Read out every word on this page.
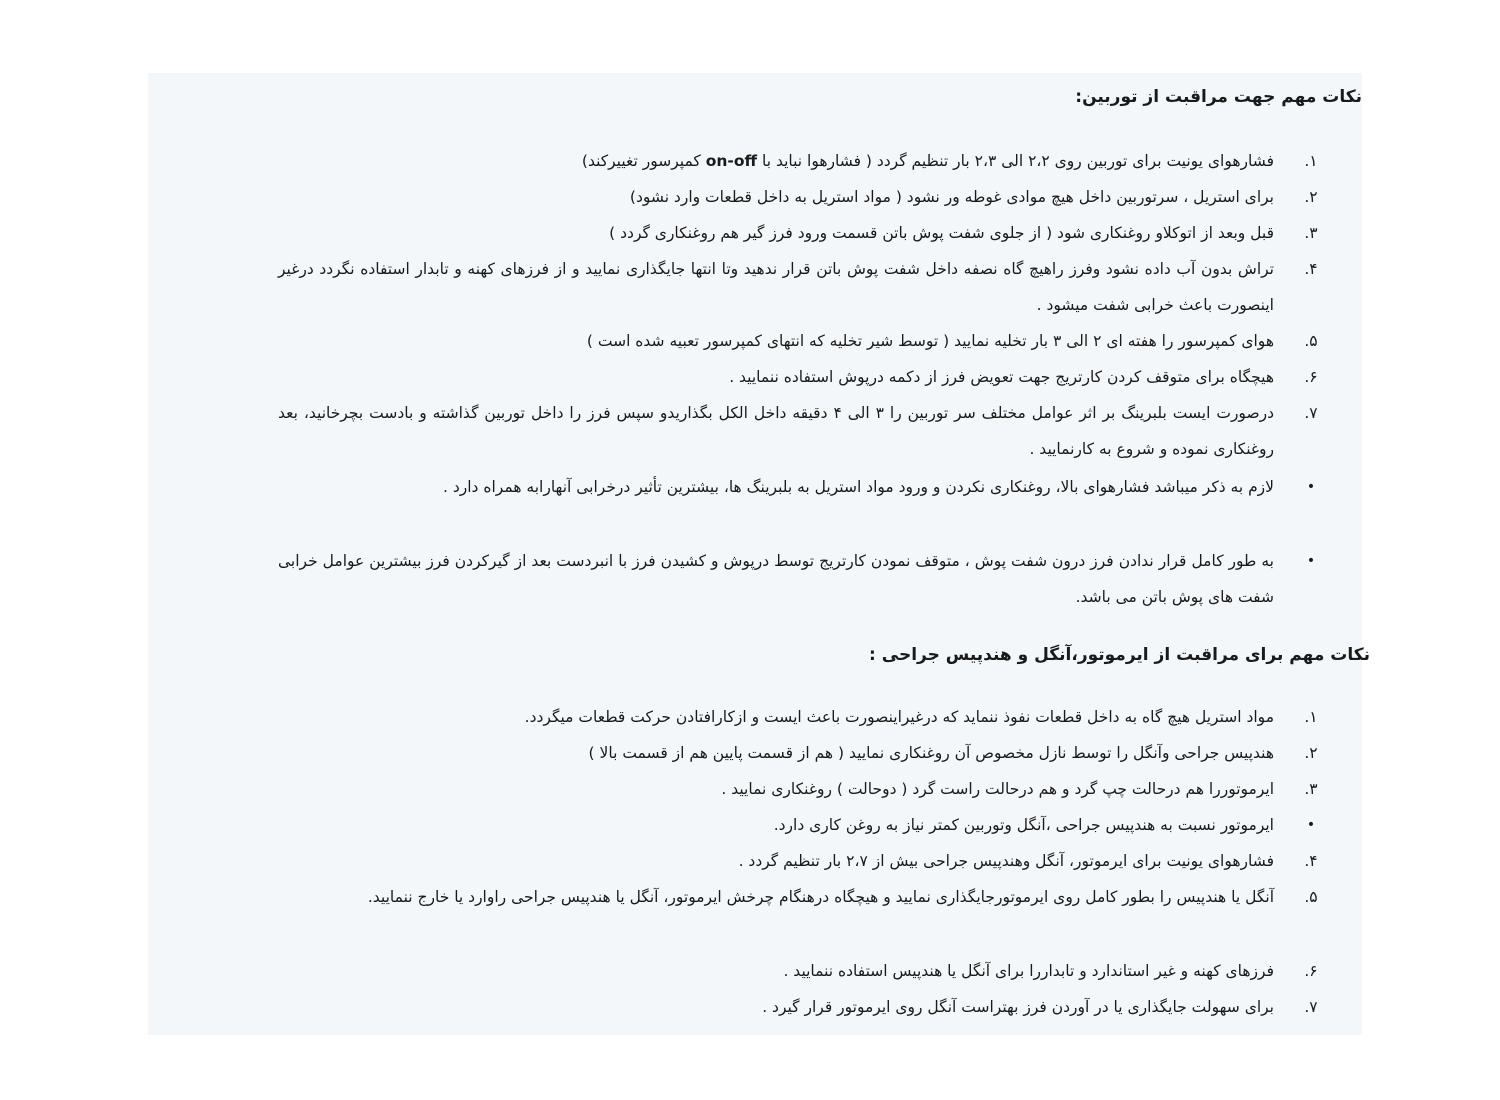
نکات مهم جهت مراقبت از توربین:
۱.
فشارهوای یونیت برای توربین روی ۲،۲ الی ۲،۳ بار تنظیم گردد ( فشارهوا نباید با on-off کمپرسور تغییرکند)
۲.
برای استریل ، سرتوربین داخل هیچ موادی غوطه ور نشود ( مواد استریل به داخل قطعات وارد نشود)
۳.
قبل وبعد از اتوکلاو روغنکاری شود ( از جلوی شفت پوش باتن قسمت ورود فرز گیر هم روغنکاری گردد )
۴.
تراش بدون آب داده نشود وفرز راهیچ گاه نصفه داخل شفت پوش باتن قرار ندهید وتا انتها جایگذاری نمایید و از فرزهای کهنه و تابدار استفاده نگردد درغیر اینصورت باعث خرابی شفت میشود .
۵.
هوای کمپرسور را هفته ای ۲ الی ۳ بار تخلیه نمایید ( توسط شیر تخلیه که انتهای کمپرسور تعبیه شده است )
۶.
هیچگاه برای متوقف کردن کارتریج جهت تعویض فرز از دکمه درپوش استفاده ننمایید .
۷.
درصورت ایست بلبرینگ بر اثر عوامل مختلف سر توربین را ۳ الی ۴ دقیقه داخل الکل بگذاریدو سپس فرز را داخل توربین گذاشته و بادست بچرخانید، بعد روغنکاری نموده و شروع به کارنمایید .
•
لازم به ذکر میباشد فشارهوای بالا، روغنکاری نکردن و ورود مواد استریل به بلبرینگ ها، بیشترین تأثیر درخرابی آنهارابه همراه دارد .
•
به طور کامل قرار ندادن فرز درون شفت پوش ، متوقف نمودن کارتریج توسط درپوش و کشیدن فرز با انبردست بعد از گیرکردن فرز بیشترین عوامل خرابی شفت های پوش باتن می باشد.
نکات مهم برای مراقبت از ایرموتور،آنگل و هندپیس جراحی :
۱.
مواد استریل هیچ گاه به داخل قطعات نفوذ ننماید که درغیراینصورت باعث ایست و ازکارافتادن حرکت قطعات میگردد.
۲.
هندپیس جراحی وآنگل را توسط نازل مخصوص آن روغنکاری نمایید ( هم از قسمت پایین هم از قسمت بالا )
۳.
ایرموتوررا هم درحالت چپ گرد و هم درحالت راست گرد ( دوحالت ) روغنکاری نمایید .
•
ایرموتور نسبت به هندپیس جراحی ،آنگل وتوربین کمتر نیاز به روغن کاری دارد.
۴.
فشارهوای یونیت برای ایرموتور، آنگل وهندپیس جراحی بیش از ۲،۷ بار تنظیم گردد .
۵.
آنگل یا هندپیس را بطور کامل روی ایرموتورجایگذاری نمایید و هیچگاه درهنگام چرخش ایرموتور، آنگل یا هندپیس جراحی راوارد یا خارج ننمایید.
۶.
فرزهای کهنه و غیر استاندارد و تابداررا برای آنگل یا هندپیس استفاده ننمایید .
۷.
برای سهولت جایگذاری یا در آوردن فرز بهتراست آنگل روی ایرموتور قرار گیرد .
